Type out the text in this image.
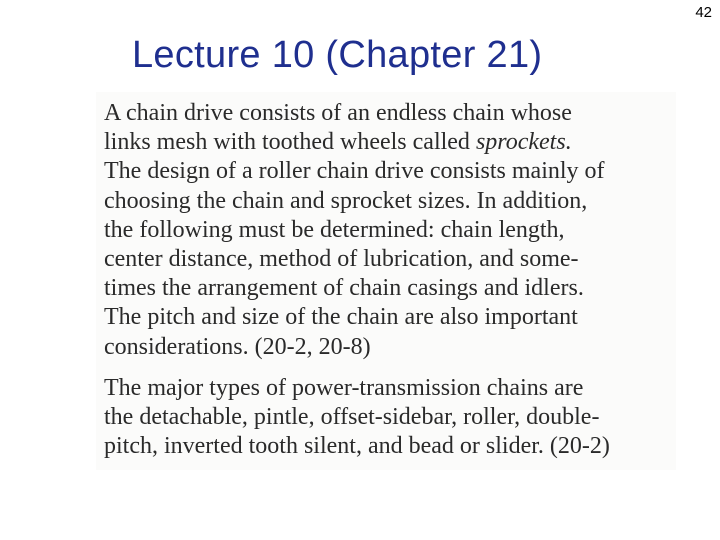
42
Lecture 10 (Chapter 21)

A chain drive consists of an endless chain whose
links mesh with toothed wheels called sprockets.
The design of a roller chain drive consists mainly of
choosing the chain and sprocket sizes. In addition,
the following must be determined: chain length,
center distance, method of lubrication, and some-
times the arrangement of chain casings and idlers.
The pitch and size of the chain are also important
considerations. (20-2, 20-8)

The major types of power-transmission chains are
the detachable, pintle, offset-sidebar, roller, double-
pitch, inverted tooth silent, and bead or slider. (20-2)
